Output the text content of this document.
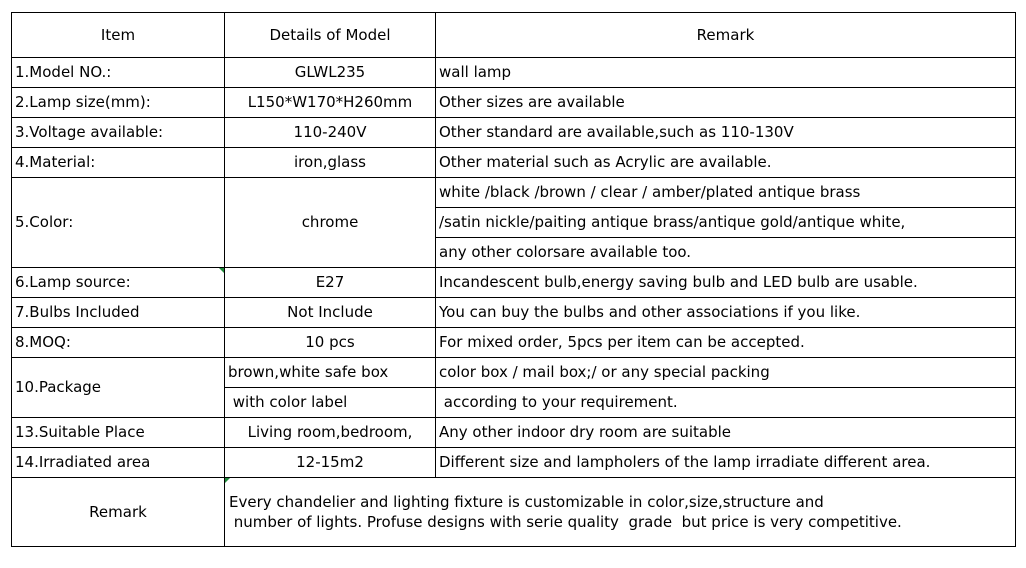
Item	Details of Model	Remark
1.Model NO.:	GLWL235	wall lamp
2.Lamp size(mm):	L150*W170*H260mm	Other sizes are available
3.Voltage available:	110-240V	Other standard are available,such as 110-130V
4.Material:	iron,glass	Other material such as Acrylic are available.
5.Color:	chrome	white /black /brown / clear / amber/plated antique brass
		/satin nickle/paiting antique brass/antique gold/antique white,
		any other colorsare available too.

6.Lamp source:	E27	Incandescent bulb,energy saving bulb and LED bulb are usable.
7.Bulbs Included	Not Include	You can buy the bulbs and other associations if you like.
8.MOQ:	10 pcs	For mixed order, 5pcs per item can be accepted.
10.Package	brown,white safe box	color box / mail box;/ or any special packing
	with color label	according to your requirement.
13.Suitable Place	Living room,bedroom,	Any other indoor dry room are suitable
14.Irradiated area	12-15m2	Different size and lampholers of the lamp irradiate different area.
Remark	Every chandelier and lighting fixture is customizable in color,size,structure and
number of lights. Profuse designs with serie quality  grade  but price is very competitive.	
